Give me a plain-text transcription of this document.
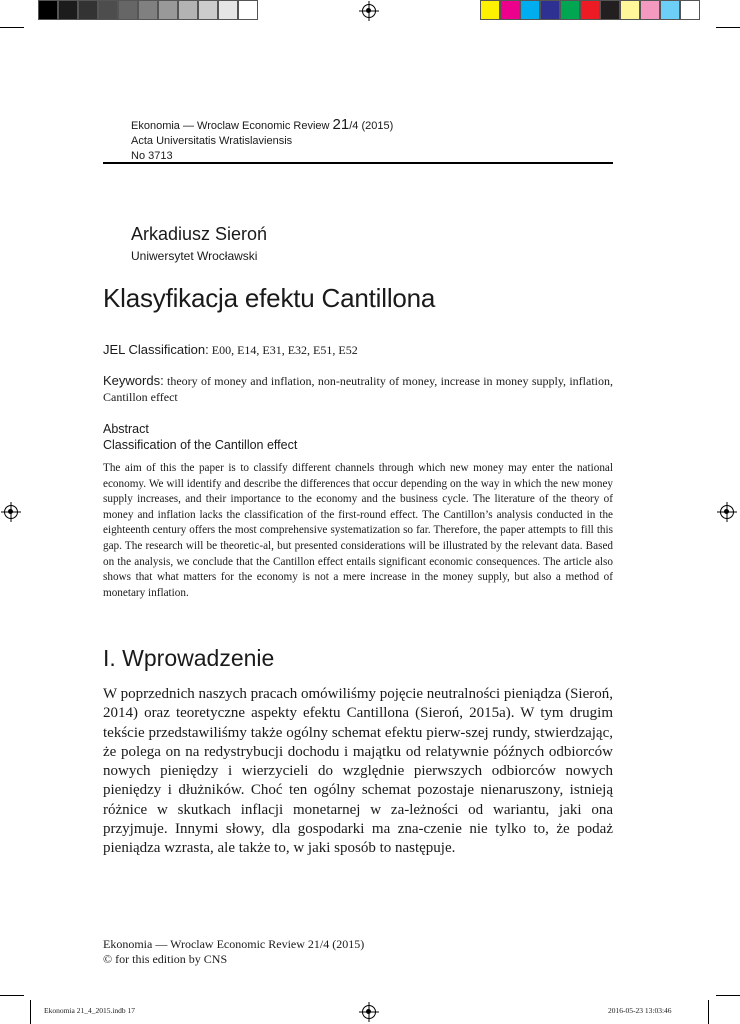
Ekonomia — Wroclaw Economic Review 21/4 (2015)
Acta Universitatis Wratislaviensis
No 3713
Arkadiusz Sieroń
Uniwersytet Wrocławski
Klasyfikacja efektu Cantillona
JEL Classification: E00, E14, E31, E32, E51, E52
Keywords: theory of money and inflation, non-neutrality of money, increase in money supply, inflation, Cantillon effect
Abstract
Classification of the Cantillon effect
The aim of this the paper is to classify different channels through which new money may enter the national economy. We will identify and describe the differences that occur depending on the way in which the new money supply increases, and their importance to the economy and the business cycle. The literature of the theory of money and inflation lacks the classification of the first-round effect. The Cantillon’s analysis conducted in the eighteenth century offers the most comprehensive systematization so far. Therefore, the paper attempts to fill this gap. The research will be theoretic-al, but presented considerations will be illustrated by the relevant data. Based on the analysis, we conclude that the Cantillon effect entails significant economic consequences. The article also shows that what matters for the economy is not a mere increase in the money supply, but also a method of monetary inflation.
I. Wprowadzenie
W poprzednich naszych pracach omówiliśmy pojęcie neutralności pieniądza (Sieroń, 2014) oraz teoretyczne aspekty efektu Cantillona (Sieroń, 2015a). W tym drugim tekście przedstawiliśmy także ogólny schemat efektu pierw-szej rundy, stwierdzając, że polega on na redystrybucji dochodu i majątku od relatywnie późnych odbiorców nowych pieniędzy i wierzycieli do względnie pierwszych odbiorców nowych pieniędzy i dłużników. Choć ten ogólny schemat pozostaje nienaruszony, istnieją różnice w skutkach inflacji monetarnej w za-leżności od wariantu, jaki ona przyjmuje. Innymi słowy, dla gospodarki ma zna-czenie nie tylko to, że podaż pieniądza wzrasta, ale także to, w jaki sposób to następuje.
Ekonomia — Wroclaw Economic Review 21/4 (2015)
© for this edition by CNS
Ekonomia 21_4_2015.indb 17	2016-05-23 13:03:46
